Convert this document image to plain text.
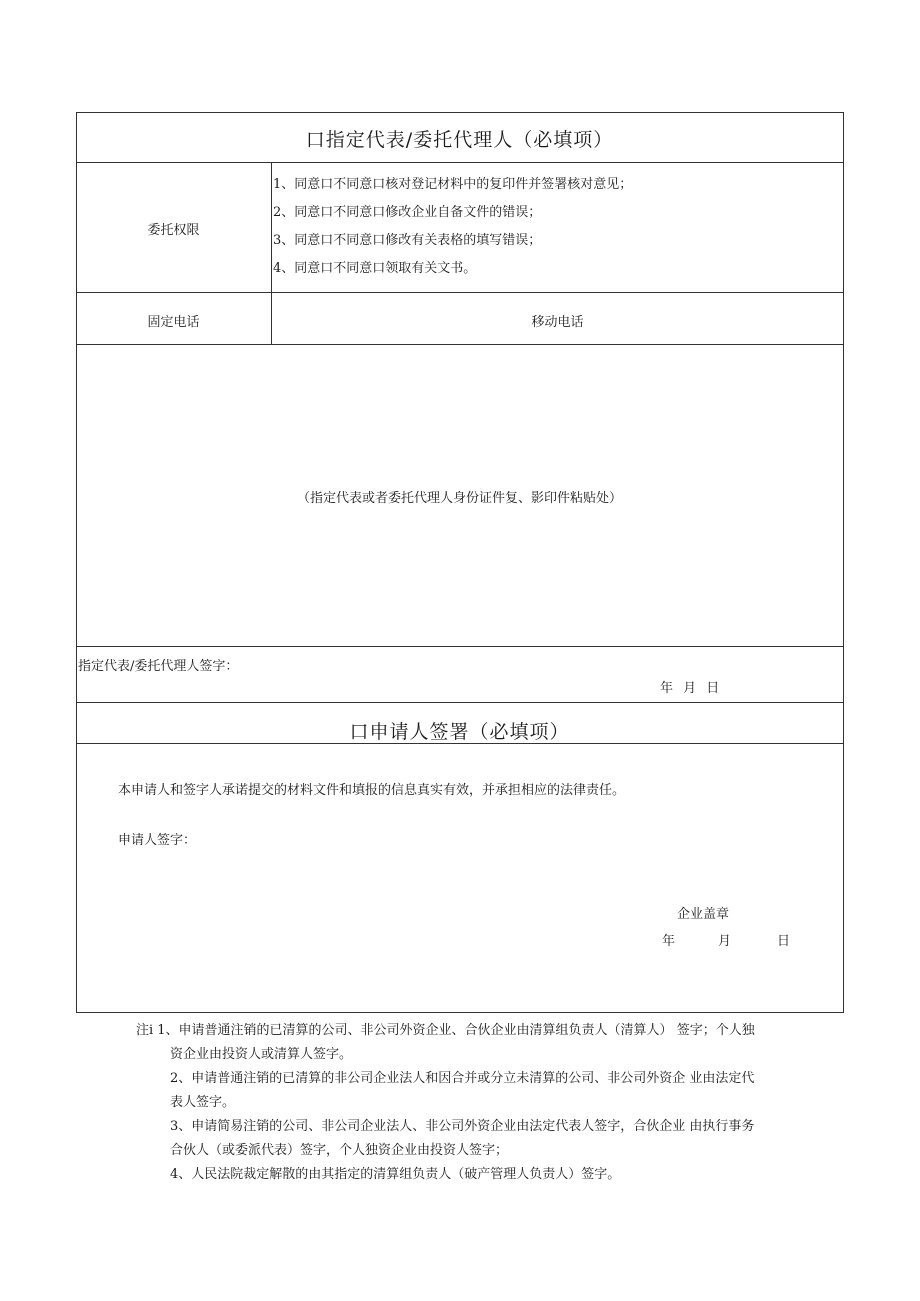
口指定代表/委托代理人（必填项）
委托权限
1、同意口不同意口核对登记材料中的复印件并签署核对意见；
2、同意口不同意口修改企业自备文件的错误；
3、同意口不同意口修改有关表格的填写错误；
4、同意口不同意口领取有关文书。
固定电话	移动电话
（指定代表或者委托代理人身份证件复、影印件粘贴处）
指定代表/委托代理人签字：
年 月 日
口申请人签署（必填项）
本申请人和签字人承诺提交的材料文件和填报的信息真实有效，并承担相应的法律责任。
申请人签字：
企业盖章
年	月	日
注i 1、申请普通注销的已清算的公司、非公司外资企业、合伙企业由清算组负责人（清算人） 签字；个人独
资企业由投资人或清算人签字。
2、申请普通注销的已清算的非公司企业法人和因合并或分立未清算的公司、非公司外资企 业由法定代
表人签字。
3、申请简易注销的公司、非公司企业法人、非公司外资企业由法定代表人签字，合伙企业 由执行事务
合伙人（或委派代表）签字，个人独资企业由投资人签字；
4、人民法院裁定解散的由其指定的清算组负责人（破产管理人负责人）签字。
